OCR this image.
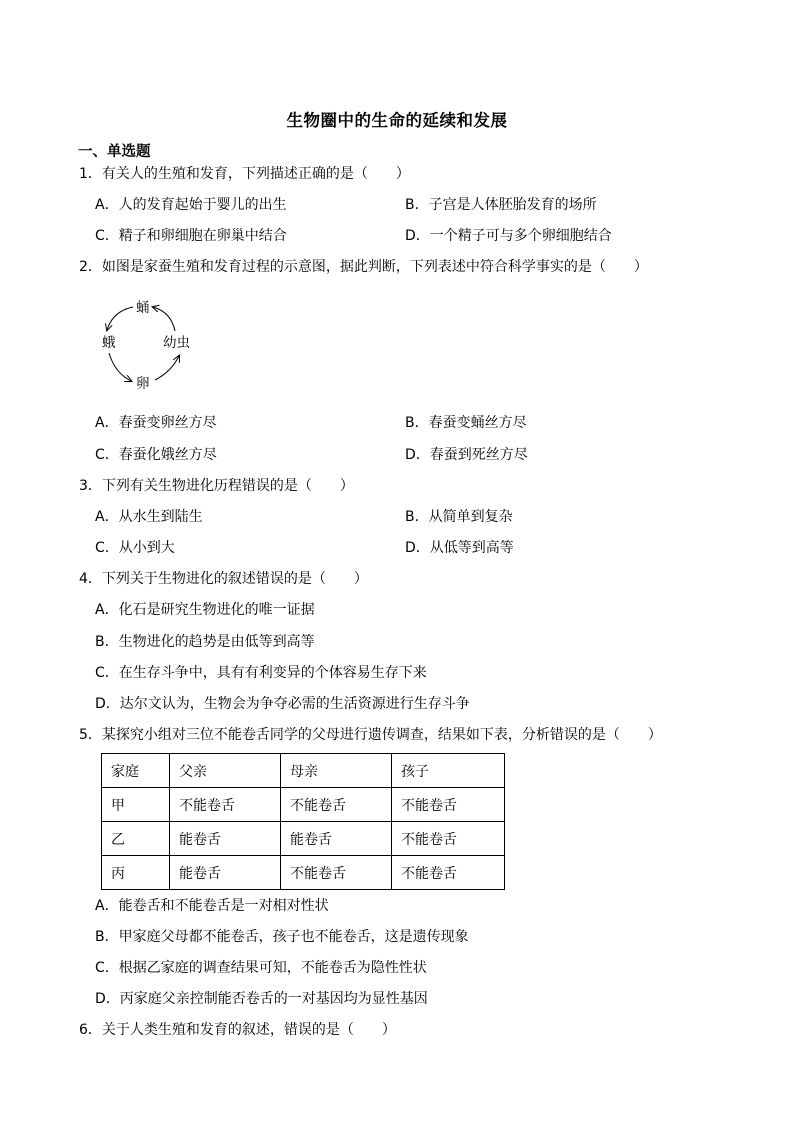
生物圈中的生命的延续和发展
一、单选题
1．有关人的生殖和发育，下列描述正确的是（　　）
A．人的发育起始于婴儿的出生	B．子宫是人体胚胎发育的场所
C．精子和卵细胞在卵巢中结合	D．一个精子可与多个卵细胞结合
2．如图是家蚕生殖和发育过程的示意图，据此判断，下列表述中符合科学事实的是（　　）
蛹
蛾	幼虫
卵
A．春蚕变卵丝方尽	B．春蚕变蛹丝方尽
C．春蚕化娥丝方尽	D．春蚕到死丝方尽
3．下列有关生物进化历程错误的是（　　）
A．从水生到陆生	B．从简单到复杂
C．从小到大	D．从低等到高等
4．下列关于生物进化的叙述错误的是（　　）
A．化石是研究生物进化的唯一证据
B．生物进化的趋势是由低等到高等
C．在生存斗争中，具有有利变异的个体容易生存下来
D．达尔文认为，生物会为争夺必需的生活资源进行生存斗争
5．某探究小组对三位不能卷舌同学的父母进行遗传调查，结果如下表，分析错误的是（　　）
家庭	父亲	母亲	孩子
甲	不能卷舌	不能卷舌	不能卷舌
乙	能卷舌	能卷舌	不能卷舌
丙	能卷舌	不能卷舌	不能卷舌
A．能卷舌和不能卷舌是一对相对性状
B．甲家庭父母都不能卷舌，孩子也不能卷舌，这是遗传现象
C．根据乙家庭的调查结果可知，不能卷舌为隐性性状
D．丙家庭父亲控制能否卷舌的一对基因均为显性基因
6．关于人类生殖和发育的叙述，错误的是（　　）
